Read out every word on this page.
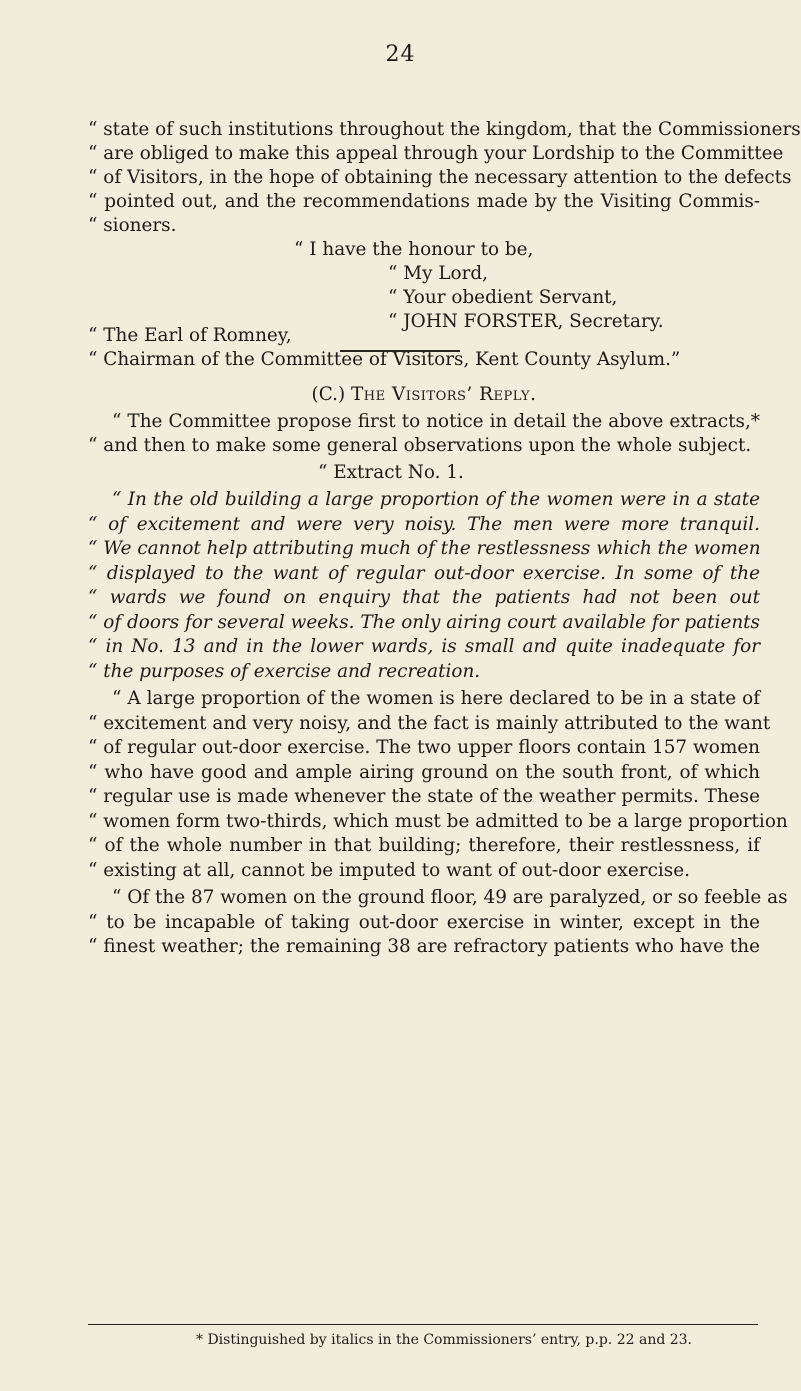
24
“ state of such institutions throughout the kingdom, that the Commissioners
“ are obliged to make this appeal through your Lordship to the Committee
“ of Visitors, in the hope of obtaining the necessary attention to the defects
“ pointed out, and the recommendations made by the Visiting Commis-
“ sioners.
“ I have the honour to be,
“ My Lord,
“ Your obedient Servant,
“ JOHN FORSTER, Secretary.
“ The Earl of Romney,
“ Chairman of the Committee of Visitors, Kent County Asylum.”
(C.) The Visitors’ Reply.
“ The Committee propose first to notice in detail the above extracts,*
“ and then to make some general observations upon the whole subject.
“ Extract No. 1.
“ In the old building a large proportion of the women were in a state
“ of excitement and were very noisy. The men were more tranquil.
“ We cannot help attributing much of the restlessness which the women
“ displayed to the want of regular out-door exercise. In some of the
“ wards we found on enquiry that the patients had not been out
“ of doors for several weeks. The only airing court available for patients
“ in No. 13 and in the lower wards, is small and quite inadequate for
“ the purposes of exercise and recreation.
“ A large proportion of the women is here declared to be in a state of
“ excitement and very noisy, and the fact is mainly attributed to the want
“ of regular out-door exercise. The two upper floors contain 157 women
“ who have good and ample airing ground on the south front, of which
“ regular use is made whenever the state of the weather permits. These
“ women form two-thirds, which must be admitted to be a large proportion
“ of the whole number in that building; therefore, their restlessness, if
“ existing at all, cannot be imputed to want of out-door exercise.
“ Of the 87 women on the ground floor, 49 are paralyzed, or so feeble as
“ to be incapable of taking out-door exercise in winter, except in the
“ finest weather; the remaining 38 are refractory patients who have the
* Distinguished by italics in the Commissioners’ entry, p.p. 22 and 23.
